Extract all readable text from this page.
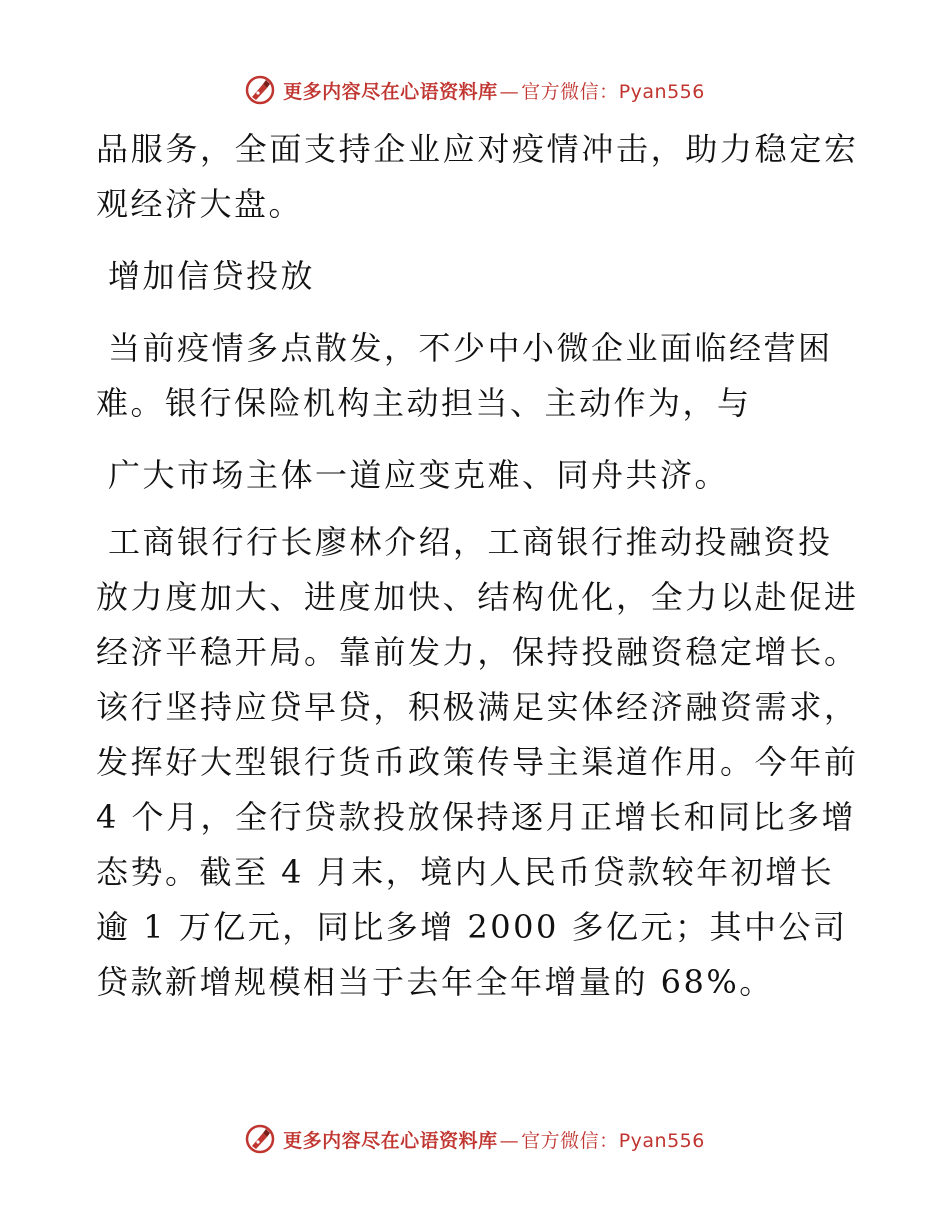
更多内容尽在心语资料库 — 官方微信：Pyan556
品服务，全面支持企业应对疫情冲击，助力稳定宏
观经济大盘。
增加信贷投放
当前疫情多点散发，不少中小微企业面临经营困
难。银行保险机构主动担当、主动作为，与
广大市场主体一道应变克难、同舟共济。
工商银行行长廖林介绍，工商银行推动投融资投
放力度加大、进度加快、结构优化，全力以赴促进
经济平稳开局。靠前发力，保持投融资稳定增长。
该行坚持应贷早贷，积极满足实体经济融资需求，
发挥好大型银行货币政策传导主渠道作用。今年前
4 个月，全行贷款投放保持逐月正增长和同比多增
态势。截至 4 月末，境内人民币贷款较年初增长
逾 1 万亿元，同比多增 2000 多亿元；其中公司
贷款新增规模相当于去年全年增量的 68%。
更多内容尽在心语资料库 — 官方微信：Pyan556
